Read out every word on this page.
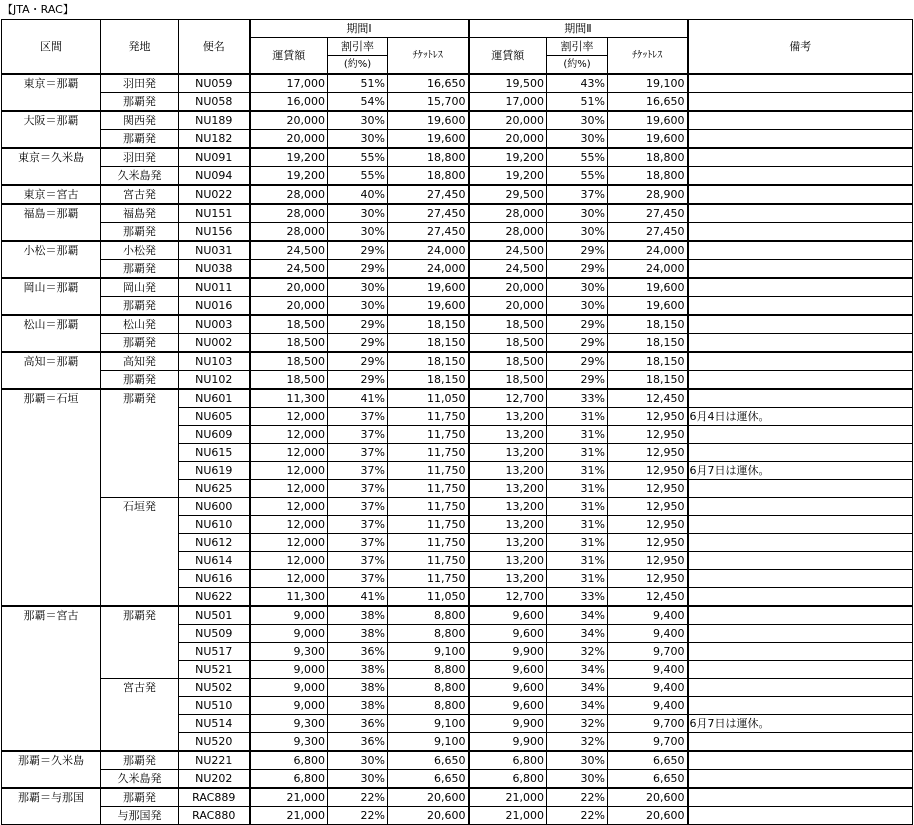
【JTA・RAC】
区間	発地	便名	期間Ⅰ			期間Ⅱ			備考
			運賃額	割引率	ﾁｹｯﾄﾚｽ	運賃額	割引率	ﾁｹｯﾄﾚｽ	
				(約%)			(約%)		
東京＝那覇	羽田発	NU059	17,000	51%	16,650	19,500	43%	19,100	
	那覇発	NU058	16,000	54%	15,700	17,000	51%	16,650	
大阪＝那覇	関西発	NU189	20,000	30%	19,600	20,000	30%	19,600	
	那覇発	NU182	20,000	30%	19,600	20,000	30%	19,600	
東京＝久米島	羽田発	NU091	19,200	55%	18,800	19,200	55%	18,800	
	久米島発	NU094	19,200	55%	18,800	19,200	55%	18,800	
東京＝宮古	宮古発	NU022	28,000	40%	27,450	29,500	37%	28,900	
福島＝那覇	福島発	NU151	28,000	30%	27,450	28,000	30%	27,450	
	那覇発	NU156	28,000	30%	27,450	28,000	30%	27,450	
小松＝那覇	小松発	NU031	24,500	29%	24,000	24,500	29%	24,000	
	那覇発	NU038	24,500	29%	24,000	24,500	29%	24,000	
岡山＝那覇	岡山発	NU011	20,000	30%	19,600	20,000	30%	19,600	
	那覇発	NU016	20,000	30%	19,600	20,000	30%	19,600	
松山＝那覇	松山発	NU003	18,500	29%	18,150	18,500	29%	18,150	
	那覇発	NU002	18,500	29%	18,150	18,500	29%	18,150	
高知＝那覇	高知発	NU103	18,500	29%	18,150	18,500	29%	18,150	
	那覇発	NU102	18,500	29%	18,150	18,500	29%	18,150	
那覇＝石垣	那覇発	NU601	11,300	41%	11,050	12,700	33%	12,450	
		NU605	12,000	37%	11,750	13,200	31%	12,950	6月4日は運休。
		NU609	12,000	37%	11,750	13,200	31%	12,950	
		NU615	12,000	37%	11,750	13,200	31%	12,950	
		NU619	12,000	37%	11,750	13,200	31%	12,950	6月7日は運休。
		NU625	12,000	37%	11,750	13,200	31%	12,950	
	石垣発	NU600	12,000	37%	11,750	13,200	31%	12,950	
		NU610	12,000	37%	11,750	13,200	31%	12,950	
		NU612	12,000	37%	11,750	13,200	31%	12,950	
		NU614	12,000	37%	11,750	13,200	31%	12,950	
		NU616	12,000	37%	11,750	13,200	31%	12,950	
		NU622	11,300	41%	11,050	12,700	33%	12,450	
那覇＝宮古	那覇発	NU501	9,000	38%	8,800	9,600	34%	9,400	
		NU509	9,000	38%	8,800	9,600	34%	9,400	
		NU517	9,300	36%	9,100	9,900	32%	9,700	
		NU521	9,000	38%	8,800	9,600	34%	9,400	
	宮古発	NU502	9,000	38%	8,800	9,600	34%	9,400	
		NU510	9,000	38%	8,800	9,600	34%	9,400	
		NU514	9,300	36%	9,100	9,900	32%	9,700	6月7日は運休。
		NU520	9,300	36%	9,100	9,900	32%	9,700	
那覇＝久米島	那覇発	NU221	6,800	30%	6,650	6,800	30%	6,650	
	久米島発	NU202	6,800	30%	6,650	6,800	30%	6,650	
那覇＝与那国	那覇発	RAC889	21,000	22%	20,600	21,000	22%	20,600	
	与那国発	RAC880	21,000	22%	20,600	21,000	22%	20,600	
